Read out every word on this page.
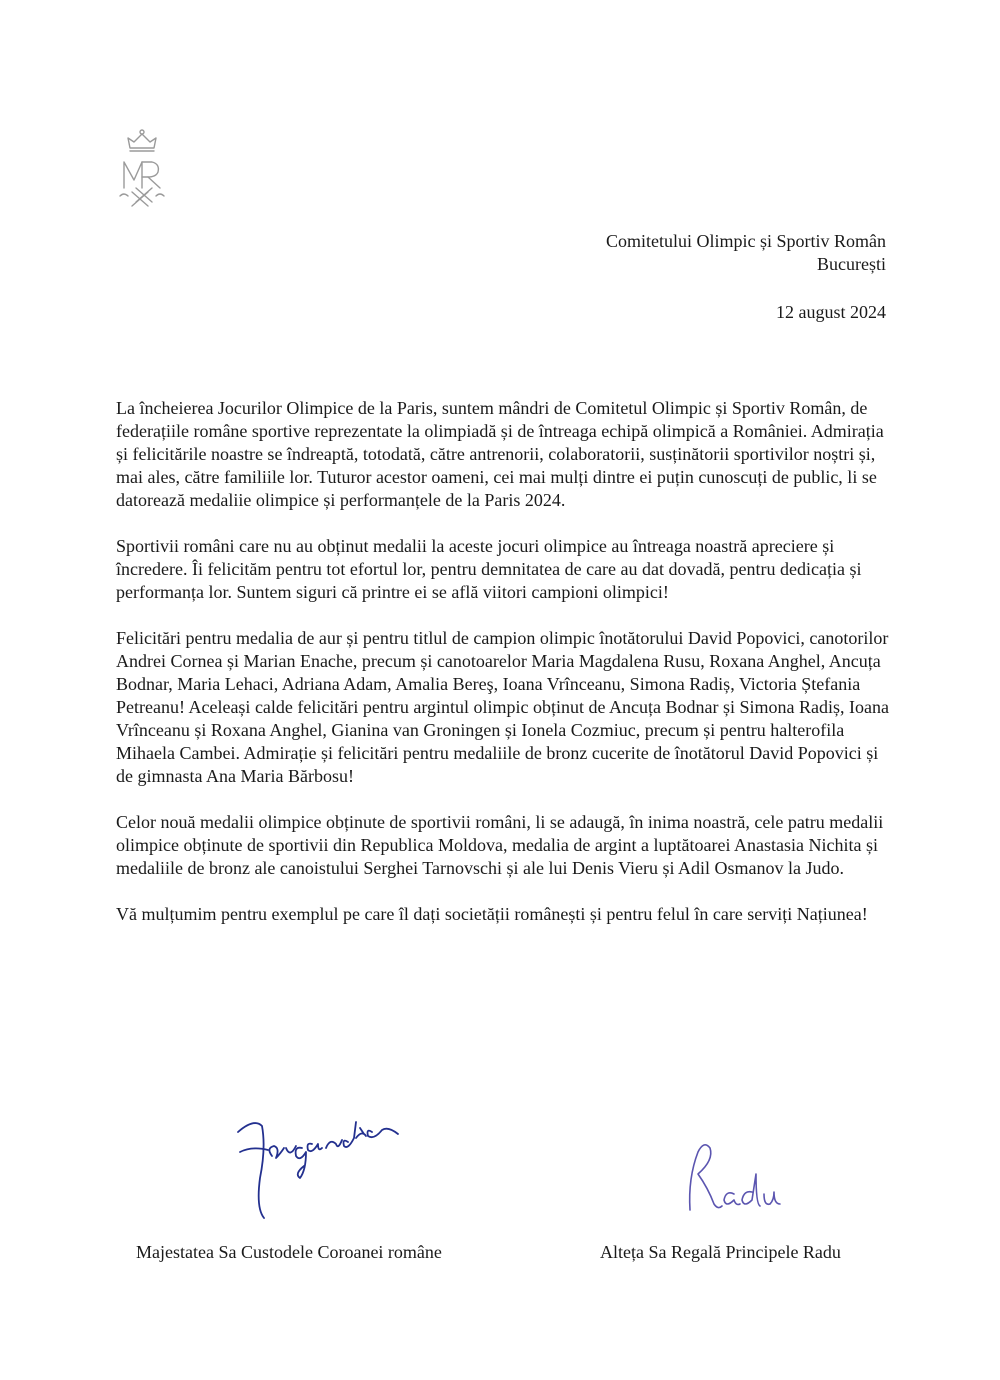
Comitetului Olimpic și Sportiv Român
București
12 august 2024

La încheierea Jocurilor Olimpice de la Paris, suntem mândri de Comitetul Olimpic și Sportiv Român, de federațiile române sportive reprezentate la olimpiadă și de întreaga echipă olimpică a României. Admirația și felicitările noastre se îndreaptă, totodată, către antrenorii, colaboratorii, susținătorii sportivilor noștri și, mai ales, către familiile lor. Tuturor acestor oameni, cei mai mulți dintre ei puțin cunoscuți de public, li se datorează medaliie olimpice și performanțele de la Paris 2024.

Sportivii români care nu au obținut medalii la aceste jocuri olimpice au întreaga noastră apreciere și încredere. Îi felicităm pentru tot efortul lor, pentru demnitatea de care au dat dovadă, pentru dedicația și performanța lor. Suntem siguri că printre ei se află viitori campioni olimpici!

Felicitări pentru medalia de aur și pentru titlul de campion olimpic înotătorului David Popovici, canotorilor Andrei Cornea și Marian Enache, precum și canotoarelor Maria Magdalena Rusu, Roxana Anghel, Ancuța Bodnar, Maria Lehaci, Adriana Adam, Amalia Bereş, Ioana Vrînceanu, Simona Radiș, Victoria Ștefania Petreanu! Aceleași calde felicitări pentru argintul olimpic obținut de Ancuța Bodnar și Simona Radiș, Ioana Vrînceanu și Roxana Anghel, Gianina van Groningen și Ionela Cozmiuc, precum și pentru halterofila Mihaela Cambei. Admirație și felicitări pentru medaliile de bronz cucerite de înotătorul David Popovici și de gimnasta Ana Maria Bărbosu!

Celor nouă medalii olimpice obținute de sportivii români, li se adaugă, în inima noastră, cele patru medalii olimpice obținute de sportivii din Republica Moldova, medalia de argint a luptătoarei Anastasia Nichita și medaliile de bronz ale canoistului Serghei Tarnovschi și ale lui Denis Vieru și Adil Osmanov la Judo.

Vă mulțumim pentru exemplul pe care îl dați societății românești și pentru felul în care serviți Națiunea!

Majestatea Sa Custodele Coroanei române	Alteța Sa Regală Principele Radu
